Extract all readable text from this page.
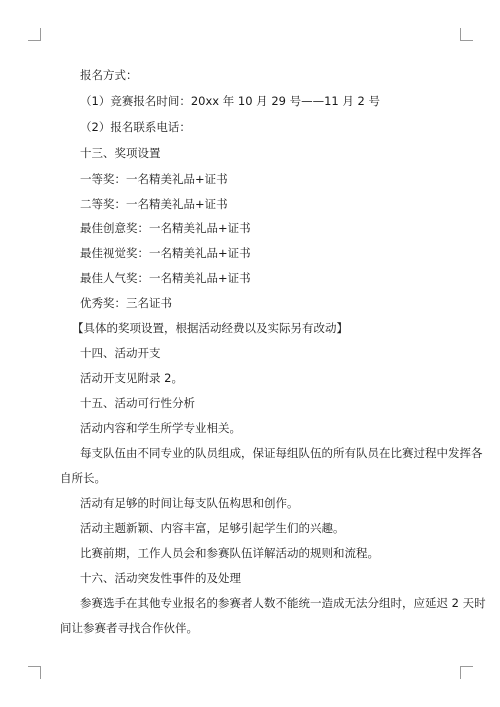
报名方式：
（1）竞赛报名时间：20xx 年 10 月 29 号——11 月 2 号
（2）报名联系电话：
十三、奖项设置
一等奖：一名精美礼品+证书
二等奖：一名精美礼品+证书
最佳创意奖：一名精美礼品+证书
最佳视觉奖：一名精美礼品+证书
最佳人气奖：一名精美礼品+证书
优秀奖：三名证书
【具体的奖项设置，根据活动经费以及实际另有改动】
十四、活动开支
活动开支见附录 2。
十五、活动可行性分析
活动内容和学生所学专业相关。
每支队伍由不同专业的队员组成，保证每组队伍的所有队员在比赛过程中发挥各
自所长。
活动有足够的时间让每支队伍构思和创作。
活动主题新颖、内容丰富，足够引起学生们的兴趣。
比赛前期，工作人员会和参赛队伍详解活动的规则和流程。
十六、活动突发性事件的及处理
参赛选手在其他专业报名的参赛者人数不能统一造成无法分组时，应延迟 2 天时
间让参赛者寻找合作伙伴。
